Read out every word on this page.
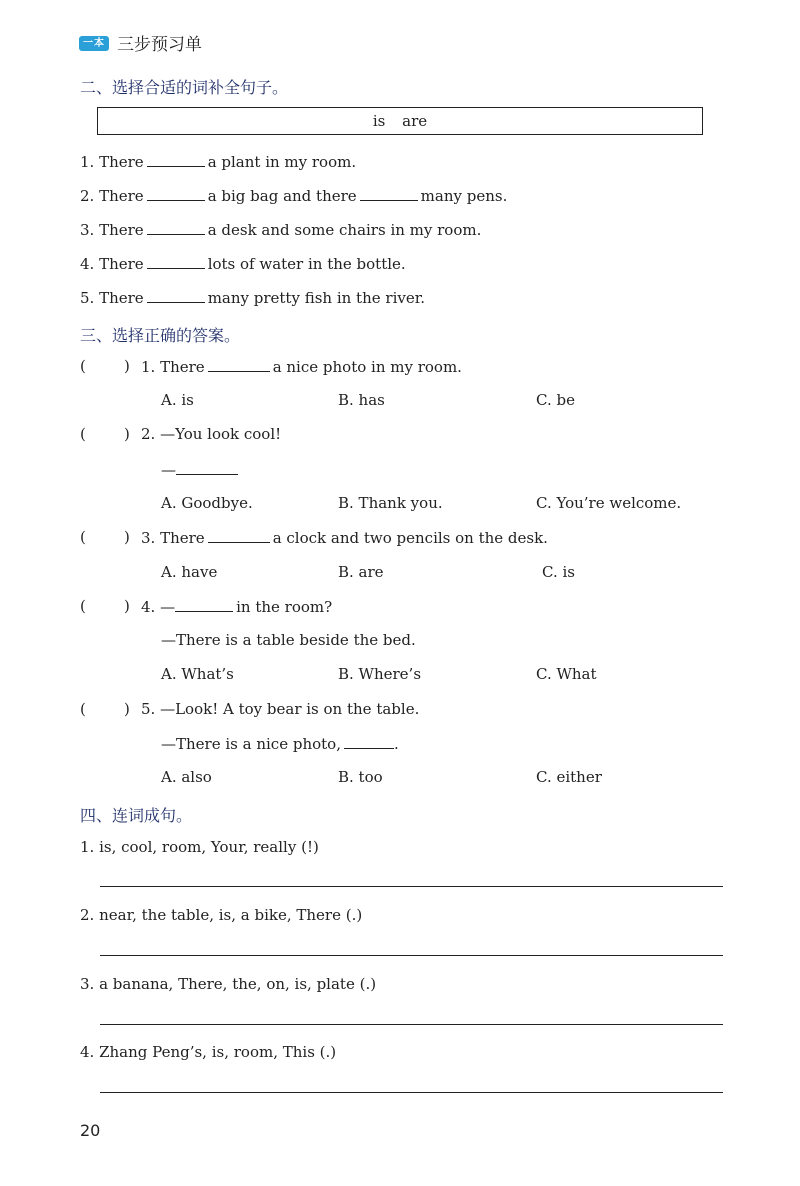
一本 三步预习单
二、选择合适的词补全句子。
is are
1. There	a plant in my room.
2. There	a big bag and there	many pens.
3. There	a desk and some chairs in my room.
4. There	lots of water in the bottle.
5. There	many pretty fish in the river.
三、选择正确的答案。
(	) 1. There	a nice photo in my room.
A. is	B. has	C. be
(	) 2. —You look cool!
—
A. Goodbye.	B. Thank you.	C. You’re welcome.
(	) 3. There	a clock and two pencils on the desk.
A. have	B. are	C. is
(	) 4. —	in the room?
—There is a table beside the bed.
A. What’s	B. Where’s	C. What
(	) 5. —Look! A toy bear is on the table.
—There is a nice photo,	.
A. also	B. too	C. either
四、连词成句。
1. is, cool, room, Your, really (!)
2. near, the table, is, a bike, There (.)
3. a banana, There, the, on, is, plate (.)
4. Zhang Peng’s, is, room, This (.)
20
